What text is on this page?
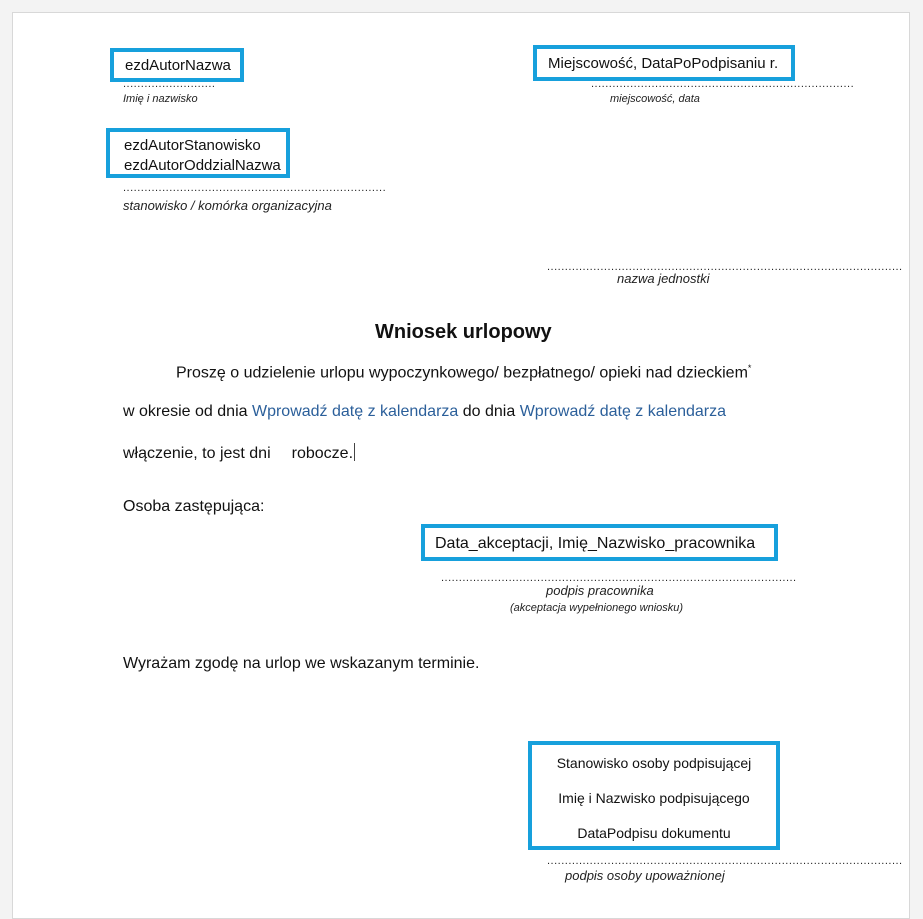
ezdAutorNazwa
..........................
Imię i nazwisko
Miejscowość, DataPoPodpisaniu r.
..........................................................................
miejscowość, data
ezdAutorStanowisko
ezdAutorOddzialNazwa
..........................................................................
stanowisko / komórka organizacyjna
....................................................................................................
nazwa jednostki
Wniosek urlopowy
Proszę o udzielenie urlopu wypoczynkowego/ bezpłatnego/ opieki nad dzieckiem*
w okresie od dnia Wprowadź datę z kalendarza do dnia Wprowadź datę z kalendarza
włączenie, to jest dni robocze.
Osoba zastępująca:
Data_akceptacji, Imię_Nazwisko_pracownika
....................................................................................................
podpis pracownika
(akceptacja wypełnionego wniosku)
Wyrażam zgodę na urlop we wskazanym terminie.
Stanowisko osoby podpisującej
Imię i Nazwisko podpisującego
DataPodpisu dokumentu
....................................................................................................
podpis osoby upoważnionej
